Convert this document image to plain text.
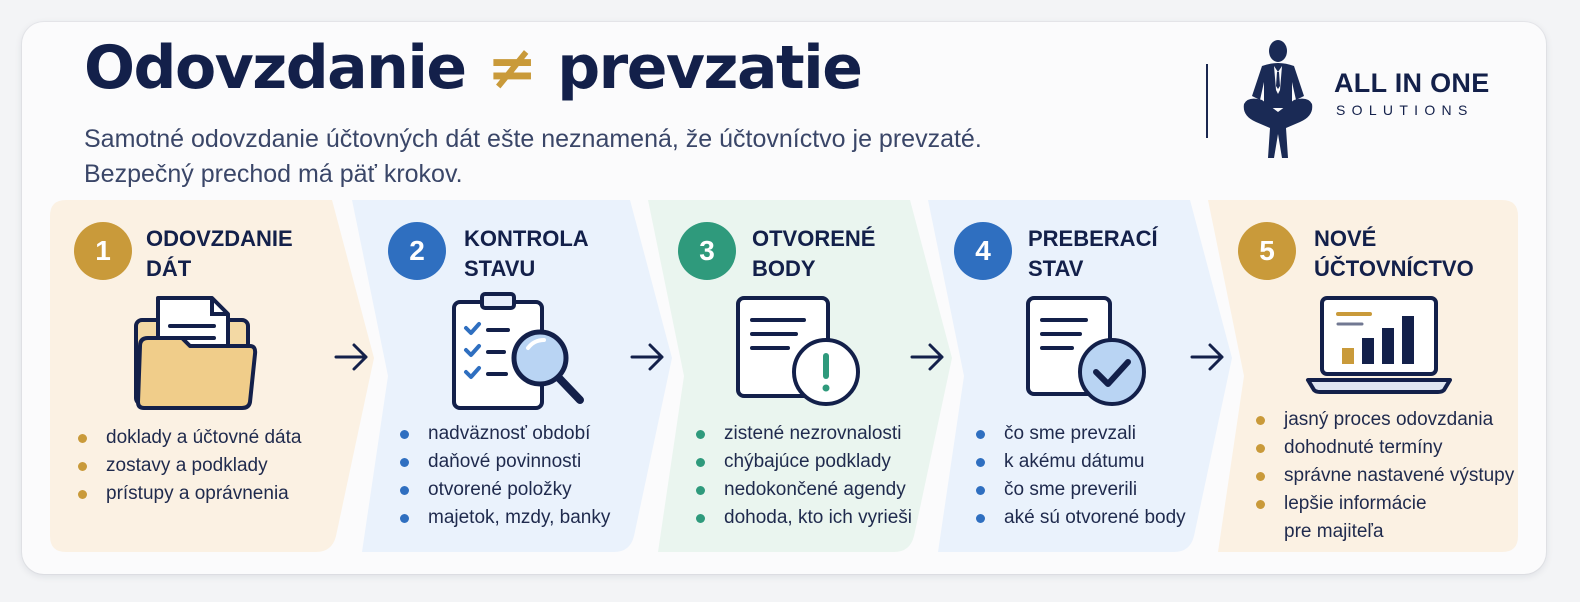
Odovzdanie ≠ prevzatie
Samotné odovzdanie účtovných dát ešte neznamená, že účtovníctvo je prevzaté.
Bezpečný prechod má päť krokov.
ALL IN ONE
SOLUTIONS
1	ODOVZDANIE
DÁT
doklady a účtovné dáta
zostavy a podklady
prístupy a oprávnenia
2	KONTROLA
STAVU
nadväznosť období
daňové povinnosti
otvorené položky
majetok, mzdy, banky
3	OTVORENÉ
BODY
zistené nezrovnalosti
chýbajúce podklady
nedokončené agendy
dohoda, kto ich vyrieši
4	PREBERACÍ
STAV
čo sme prevzali
k akému dátumu
čo sme preverili
aké sú otvorené body
5	NOVÉ
ÚČTOVNÍCTVO
jasný proces odovzdania
dohodnuté termíny
správne nastavené výstupy
lepšie informácie
pre majiteľa
